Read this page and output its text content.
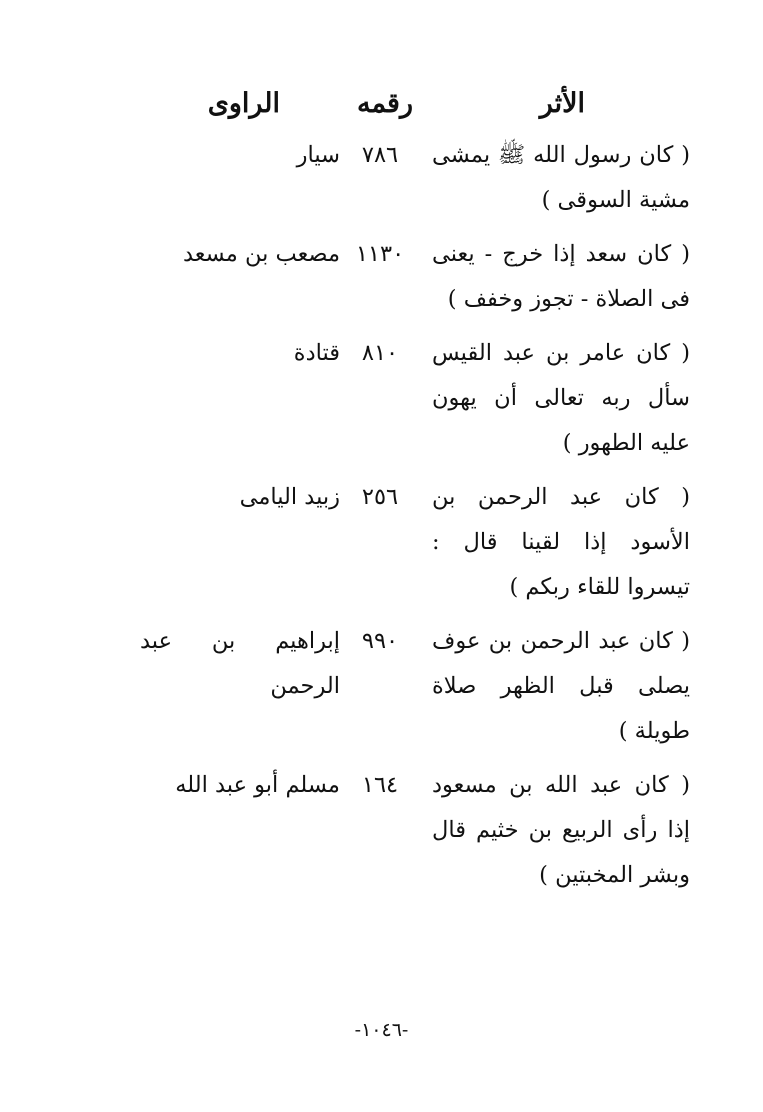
الأثر
رقمه
الراوى
( كان رسول الله ﷺ يمشى مشية السوقى )
٧٨٦
سيار
( كان سعد إذا خرج - يعنى فى الصلاة - تجوز وخفف )
١١٣٠
مصعب بن مسعد
( كان عامر بن عبد القيس سأل ربه تعالى أن يهون عليه الطهور )
٨١٠
قتادة
( كان عبد الرحمن بن الأسود إذا لقينا قال : تيسروا للقاء ربكم )
٢٥٦
زبيد اليامى
( كان عبد الرحمن بن عوف يصلى قبل الظهر صلاة طويلة )
٩٩٠
إبراهيم بن عبد الرحمن
( كان عبد الله بن مسعود إذا رأى الربيع بن خثيم قال وبشر المخبتين )
١٦٤
مسلم أبو عبد الله
-١٠٤٦-
